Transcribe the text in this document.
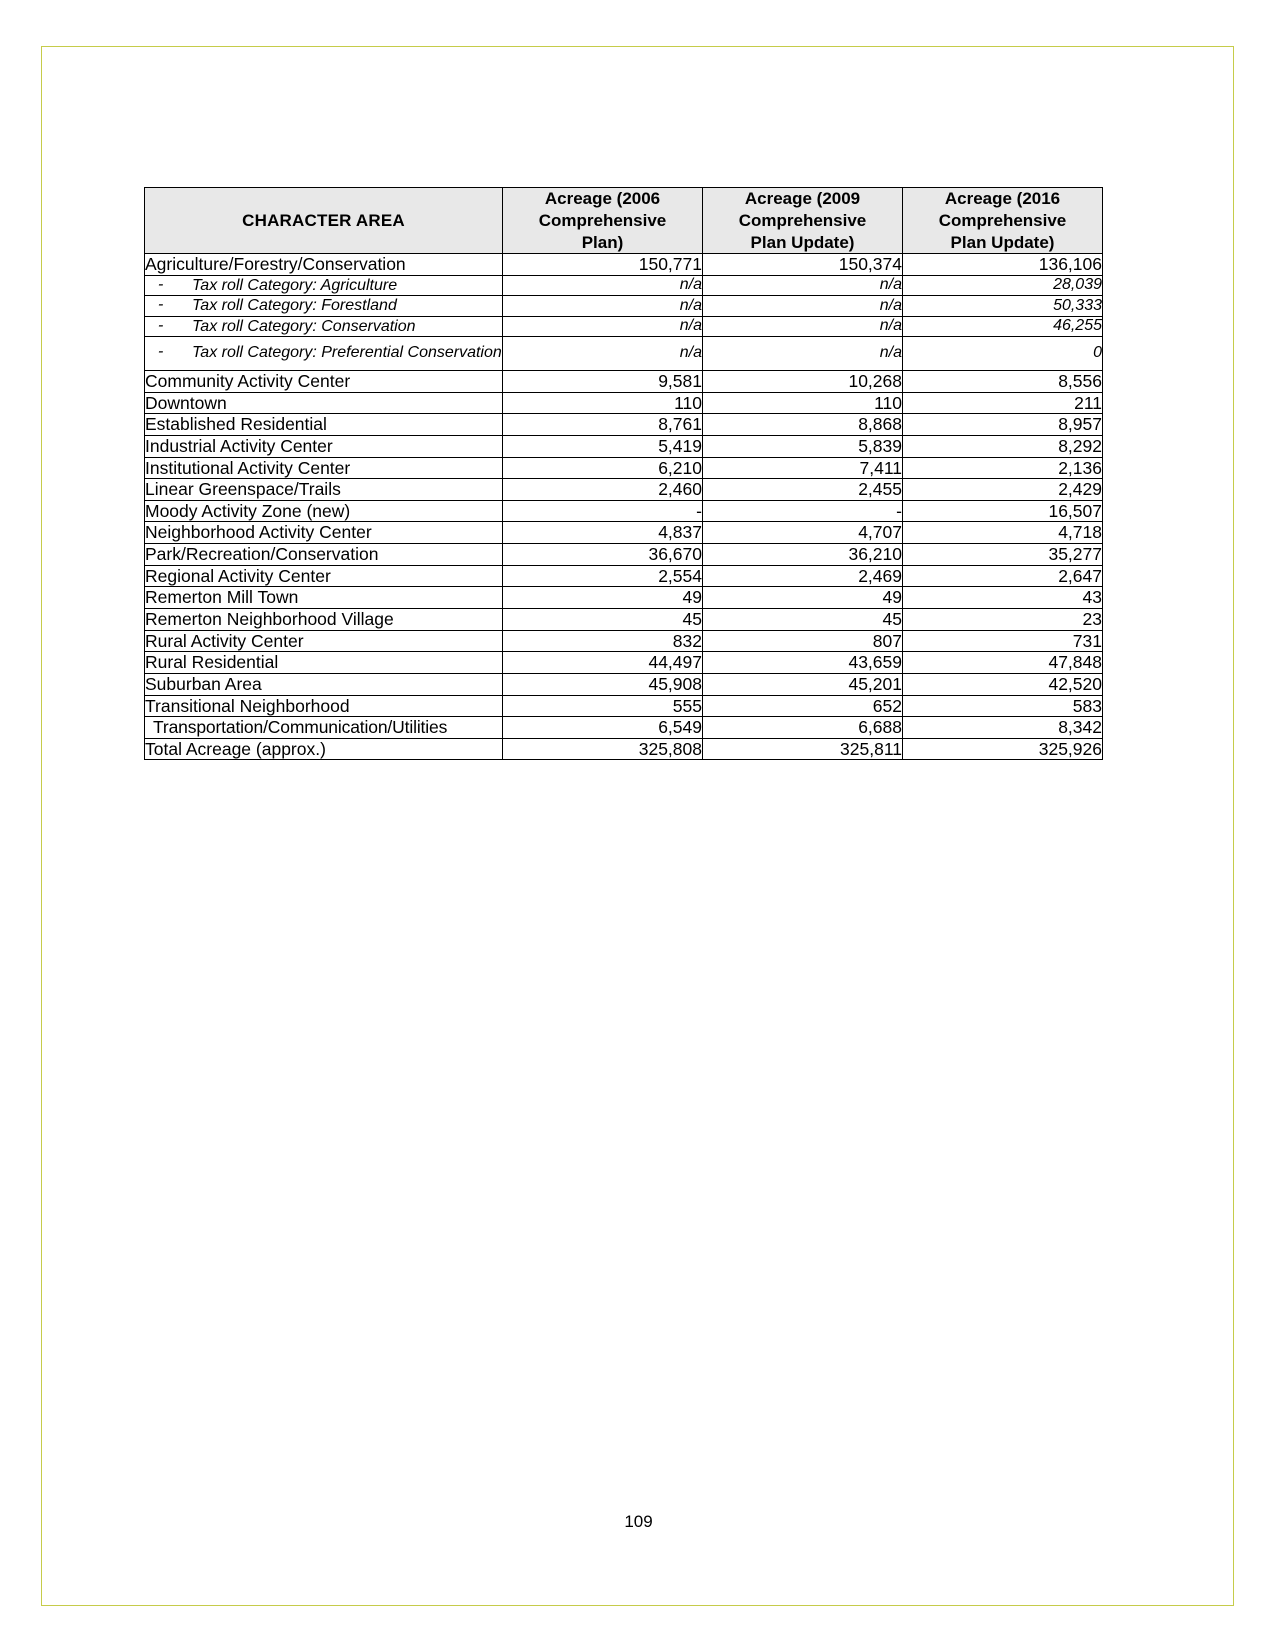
CHARACTER AREA	Acreage (2006
Comprehensive
Plan)	Acreage (2009
Comprehensive
Plan Update)	Acreage (2016
Comprehensive
Plan Update)
Agriculture/Forestry/Conservation	150,771	150,374	136,106

- Tax roll Category: Agriculture	n/a	n/a	28,039

- Tax roll Category: Forestland	n/a	n/a	50,333

- Tax roll Category: Conservation	n/a	n/a	46,255

- Tax roll Category: Preferential Conservation	n/a	n/a	0
Community Activity Center	9,581	10,268	8,556
Downtown	110	110	211
Established Residential	8,761	8,868	8,957
Industrial Activity Center	5,419	5,839	8,292
Institutional Activity Center	6,210	7,411	2,136
Linear Greenspace/Trails	2,460	2,455	2,429
Moody Activity Zone (new)	-	-	16,507
Neighborhood Activity Center	4,837	4,707	4,718
Park/Recreation/Conservation	36,670	36,210	35,277
Regional Activity Center	2,554	2,469	2,647
Remerton Mill Town	49	49	43
Remerton Neighborhood Village	45	45	23
Rural Activity Center	832	807	731
Rural Residential	44,497	43,659	47,848
Suburban Area	45,908	45,201	42,520
Transitional Neighborhood	555	652	583
Transportation/Communication/Utilities	6,549	6,688	8,342
Total Acreage (approx.)	325,808	325,811	325,926
109
